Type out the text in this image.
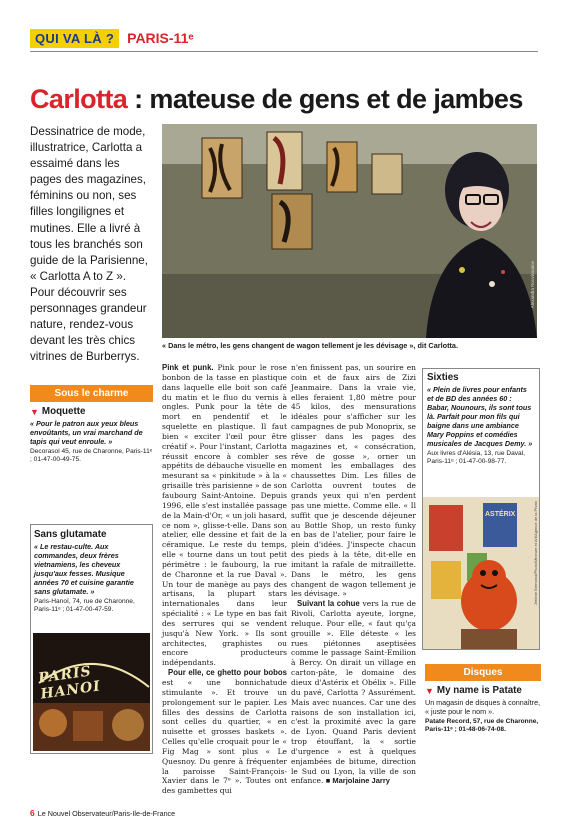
QUI VA LÀ ? PARIS-11ᵉ
Carlotta : mateuse de gens et de jambes

Dessinatrice de mode, illustratrice, Carlotta a essaimé dans les pages des magazines, féminins ou non, ses filles longilignes et mutines. Elle a livré à tous les branchés son guide de la Parisienne, « Carlotta A to Z ». Pour découvrir ses personnages grandeur nature, rendez-vous devant les très chics vitrines de Burberrys.

Alexandra Nouvissance

« Dans le métro, les gens changent de wagon tellement je les dévisage », dit Carlotta.

Sous le charme
▼ Moquette

« Pour le patron aux yeux bleus envoûtants, un vrai marchand de tapis qui veut enroule. »

Decorasol 45, rue de Charonne, Paris-11ᵉ ; 01-47-00-49-75.

Sans glutamate

« Le restau-culte. Aux commandes, deux frères vietnamiens, les cheveux jusqu'aux fesses. Musique années 70 et cuisine garantie sans glutamate. »

Paris-Hanoï, 74, rue de Charonne, Paris-11ᵉ ; 01-47-00-47-59.

PARIS HANOI

Pink et punk. Pink pour le rose bonbon de la tasse en plastique dans laquelle elle boit son café du matin et le fluo du vernis à ongles. Punk pour la tête de mort en pendentif et le squelette en plastique. Il faut bien « exciter l'œil pour être créatif ». Pour l'instant, Carlotta réussit encore à combler ses appétits de débauche visuelle en mesurant sa « pinkitude » à la « grisaille très parisienne » de son faubourg Saint-Antoine. Depuis 1996, elle s'est installée passage de la Main-d'Or, « un joli hasard, ce nom », glisse-t-elle. Dans son atelier, elle dessine et fait de la céramique. Le reste du temps, elle « tourne dans un tout petit périmètre : le faubourg, la rue de Charonne et la rue Daval ». Un tour de manège au pays des artisans, la plupart stars internationales dans leur spécialité : « Le type en bas fait des serrures qui se vendent jusqu'à New York. » Ils sont architectes, graphistes ou encore producteurs indépendants.

Pour elle, ce ghetto pour bobos est « une bonnichatude stimulante ». Et trouve un prolongement sur le papier. Les filles des dessins de Carlotta sont celles du quartier, « en nuisette et grosses baskets ». Celles qu'elle croquait pour le « Fig Mag » sont plus « Le Quesnoy. Du genre à fréquenter la paroisse Saint-François-Xavier dans le 7ᵉ ». Toutes ont des gambettes qui

n'en finissent pas, un sourire en coin et de faux airs de Zizi Jeanmaire. Dans la vraie vie, elles feraient 1,80 mètre pour 45 kilos, des mensurations idéales pour s'afficher sur les campagnes de pub Monoprix, se glisser dans les pages des magazines et, « consécration, rêve de gosse », orner un moment les emballages des chaussettes Dim. Les filles de Carlotta ouvrent toutes de grands yeux qui n'en perdent pas une miette. Comme elle. « Il suffit que je descende déjeuner au Bottle Shop, un resto funky en bas de l'atelier, pour faire le plein d'idées. J'inspecte chacun des pieds à la tête, dit-elle en imitant la rafale de mitraillette. Dans le métro, les gens changent de wagon tellement je les dévisage. »

Suivant la cohue vers la rue de Rivoli, Carlotta ayeute, lorgne, reluque. Pour elle, « faut qu'ça grouille ». Elle déteste « les rues piétonnes aseptisées comme le passage Saint-Emilion à Bercy. On dirait un village en carton-pâte, le domaine des dieux d'Astérix et Obélix ». Fille du pavé, Carlotta ? Assurément. Mais avec nuances. Car une des raisons de son installation ici, c'est la proximité avec la gare de Lyon. Quand Paris devient trop étouffant, la « sortie d'urgence » est à quelques enjambées de bitume, direction le Sud ou Lyon, la ville de son enfance. ■ Marjolaine Jarry

Sixties

« Plein de livres pour enfants et de BD des années 60 : Babar, Nounours, ils sont tous là. Parfait pour mon fils qui baigne dans une ambiance Mary Poppins et comédies musicales de Jacques Demy. »

Aux livres d'Alésia, 13, rue Daval, Paris-11ᵉ ; 01-47-00-98-77.

ASTÉRIX	Jérôme Bermond/Photo/Mineure et Art/Agence de la Photo
Disques
▼ My name is Patate

Un magasin de disques à connaître, « juste pour le nom ».

Patate Record, 57, rue de Charonne, Paris-11ᵉ ; 01-48-06-74-08.

6 Le Nouvel Observateur/Paris-Ile-de-France
